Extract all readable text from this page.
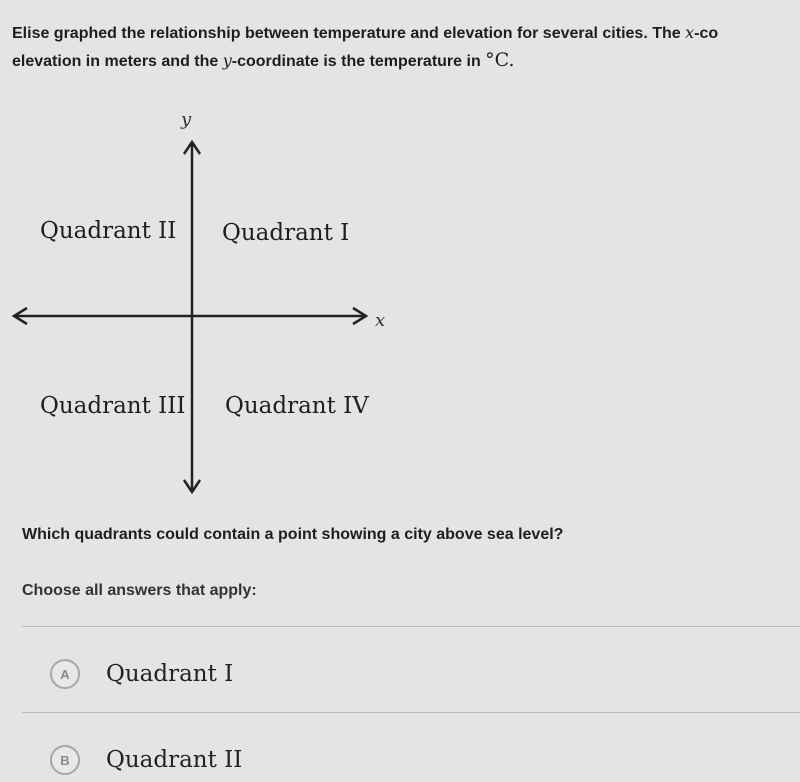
Elise graphed the relationship between temperature and elevation for several cities. The x-co
elevation in meters and the y-coordinate is the temperature in °C.
y
x
Quadrant II Quadrant I
Quadrant III Quadrant IV
Which quadrants could contain a point showing a city above sea level?
Choose all answers that apply:
A	Quadrant I
B	Quadrant II
